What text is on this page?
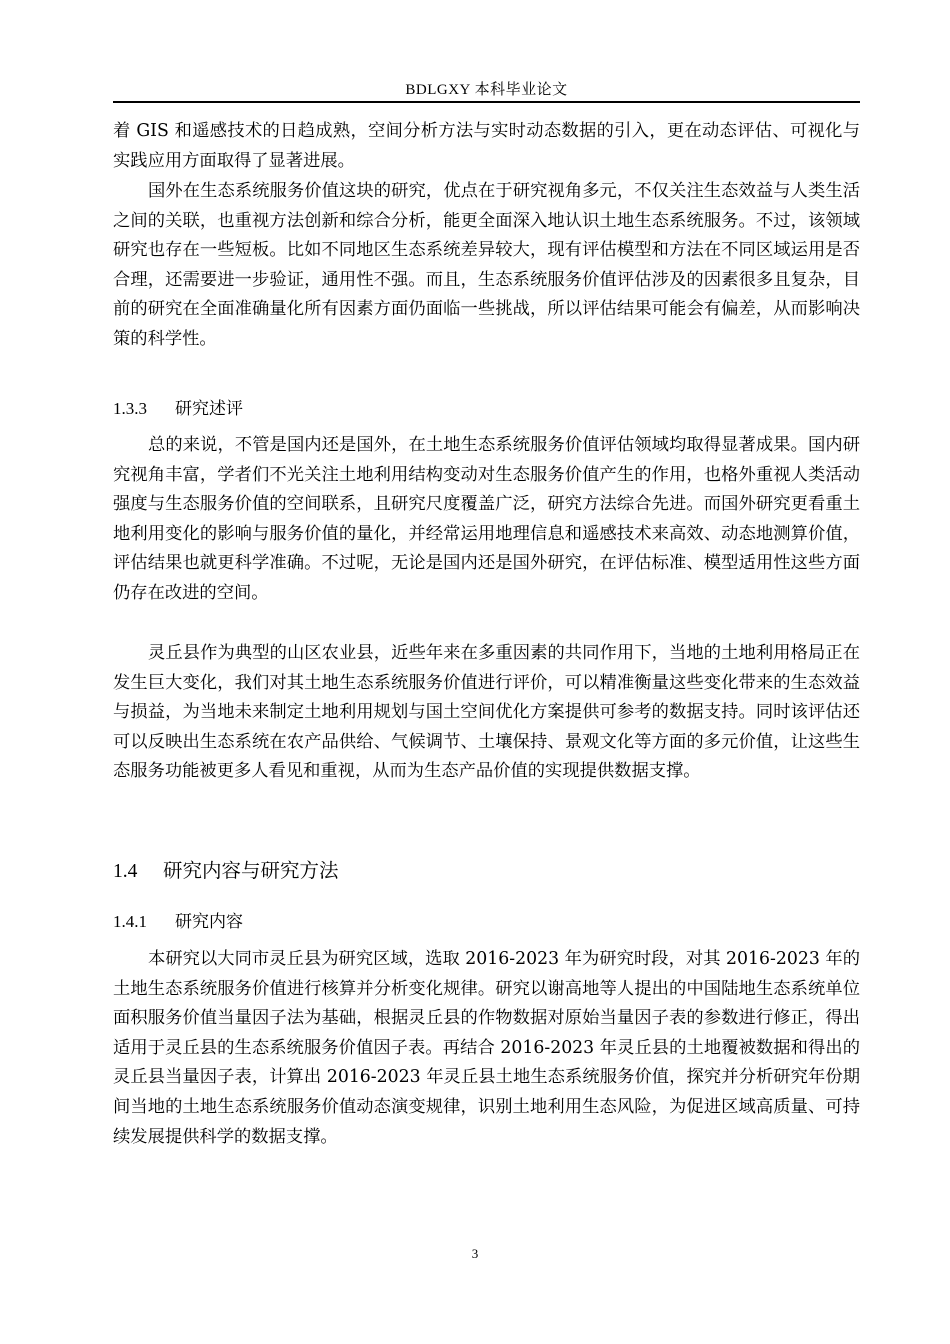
BDLGXY 本科毕业论文

着 GIS 和遥感技术的日趋成熟，空间分析方法与实时动态数据的引入，更在动态评估、可视化与实践应用方面取得了显著进展。

国外在生态系统服务价值这块的研究，优点在于研究视角多元，不仅关注生态效益与人类生活之间的关联，也重视方法创新和综合分析，能更全面深入地认识土地生态系统服务。不过，该领域研究也存在一些短板。比如不同地区生态系统差异较大，现有评估模型和方法在不同区域运用是否合理，还需要进一步验证，通用性不强。而且，生态系统服务价值评估涉及的因素很多且复杂，目前的研究在全面准确量化所有因素方面仍面临一些挑战，所以评估结果可能会有偏差，从而影响决策的科学性。

1.3.3 研究述评

总的来说，不管是国内还是国外，在土地生态系统服务价值评估领域均取得显著成果。国内研究视角丰富，学者们不光关注土地利用结构变动对生态服务价值产生的作用，也格外重视人类活动强度与生态服务价值的空间联系，且研究尺度覆盖广泛，研究方法综合先进。而国外研究更看重土地利用变化的影响与服务价值的量化，并经常运用地理信息和遥感技术来高效、动态地测算价值，评估结果也就更科学准确。不过呢，无论是国内还是国外研究，在评估标准、模型适用性这些方面仍存在改进的空间。

灵丘县作为典型的山区农业县，近些年来在多重因素的共同作用下，当地的土地利用格局正在发生巨大变化，我们对其土地生态系统服务价值进行评价，可以精准衡量这些变化带来的生态效益与损益，为当地未来制定土地利用规划与国土空间优化方案提供可参考的数据支持。同时该评估还可以反映出生态系统在农产品供给、气候调节、土壤保持、景观文化等方面的多元价值，让这些生态服务功能被更多人看见和重视，从而为生态产品价值的实现提供数据支撑。

1.4 研究内容与研究方法
1.4.1 研究内容

本研究以大同市灵丘县为研究区域，选取 2016-2023 年为研究时段，对其 2016-2023 年的土地生态系统服务价值进行核算并分析变化规律。研究以谢高地等人提出的中国陆地生态系统单位面积服务价值当量因子法为基础，根据灵丘县的作物数据对原始当量因子表的参数进行修正，得出适用于灵丘县的生态系统服务价值因子表。再结合 2016-2023 年灵丘县的土地覆被数据和得出的灵丘县当量因子表，计算出 2016-2023 年灵丘县土地生态系统服务价值，探究并分析研究年份期间当地的土地生态系统服务价值动态演变规律，识别土地利用生态风险，为促进区域高质量、可持续发展提供科学的数据支撑。

3
